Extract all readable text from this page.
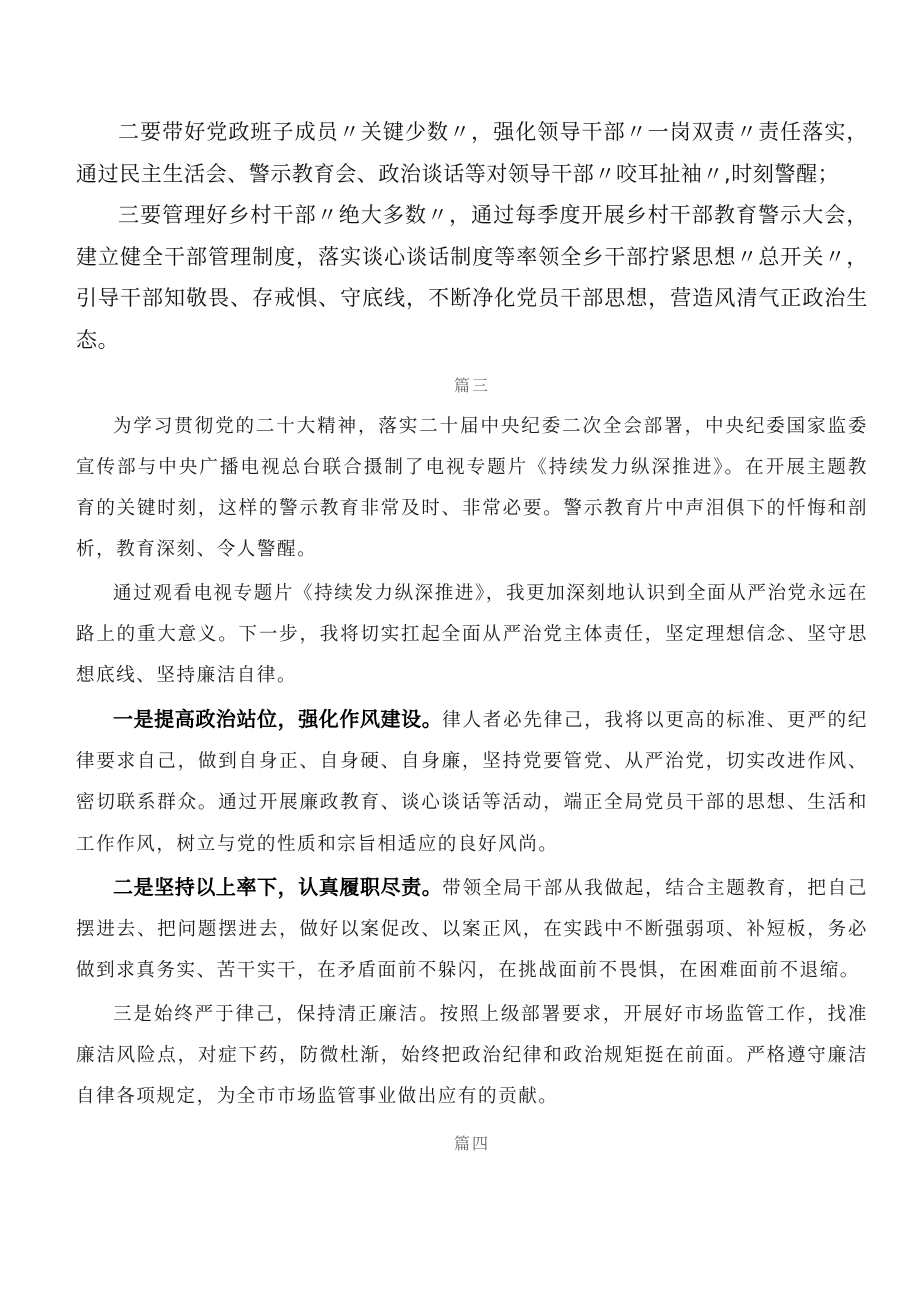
二要带好党政班子成员〃关键少数〃，强化领导干部〃一岗双责〃责任落实，通过民主生活会、警示教育会、政治谈话等对领导干部〃咬耳扯袖〃,时刻警醒；

三要管理好乡村干部〃绝大多数〃，通过每季度开展乡村干部教育警示大会，建立健全干部管理制度，落实谈心谈话制度等率领全乡干部拧紧思想〃总开关〃，引导干部知敬畏、存戒惧、守底线，不断净化党员干部思想，营造风清气正政治生态。

篇三

为学习贯彻党的二十大精神，落实二十届中央纪委二次全会部署，中央纪委国家监委宣传部与中央广播电视总台联合摄制了电视专题片《持续发力纵深推进》。在开展主题教育的关键时刻，这样的警示教育非常及时、非常必要。警示教育片中声泪俱下的忏悔和剖析，教育深刻、令人警醒。

通过观看电视专题片《持续发力纵深推进》，我更加深刻地认识到全面从严治党永远在路上的重大意义。下一步，我将切实扛起全面从严治党主体责任，坚定理想信念、坚守思想底线、坚持廉洁自律。

一是提高政治站位，强化作风建设。律人者必先律己，我将以更高的标准、更严的纪律要求自己，做到自身正、自身硬、自身廉，坚持党要管党、从严治党，切实改进作风、密切联系群众。通过开展廉政教育、谈心谈话等活动，端正全局党员干部的思想、生活和工作作风，树立与党的性质和宗旨相适应的良好风尚。

二是坚持以上率下，认真履职尽责。带领全局干部从我做起，结合主题教育，把自己摆进去、把问题摆进去，做好以案促改、以案正风，在实践中不断强弱项、补短板，务必做到求真务实、苦干实干，在矛盾面前不躲闪，在挑战面前不畏惧，在困难面前不退缩。

三是始终严于律己，保持清正廉洁。按照上级部署要求，开展好市场监管工作，找准廉洁风险点，对症下药，防微杜渐，始终把政治纪律和政治规矩挺在前面。严格遵守廉洁自律各项规定，为全市市场监管事业做出应有的贡献。

篇四
